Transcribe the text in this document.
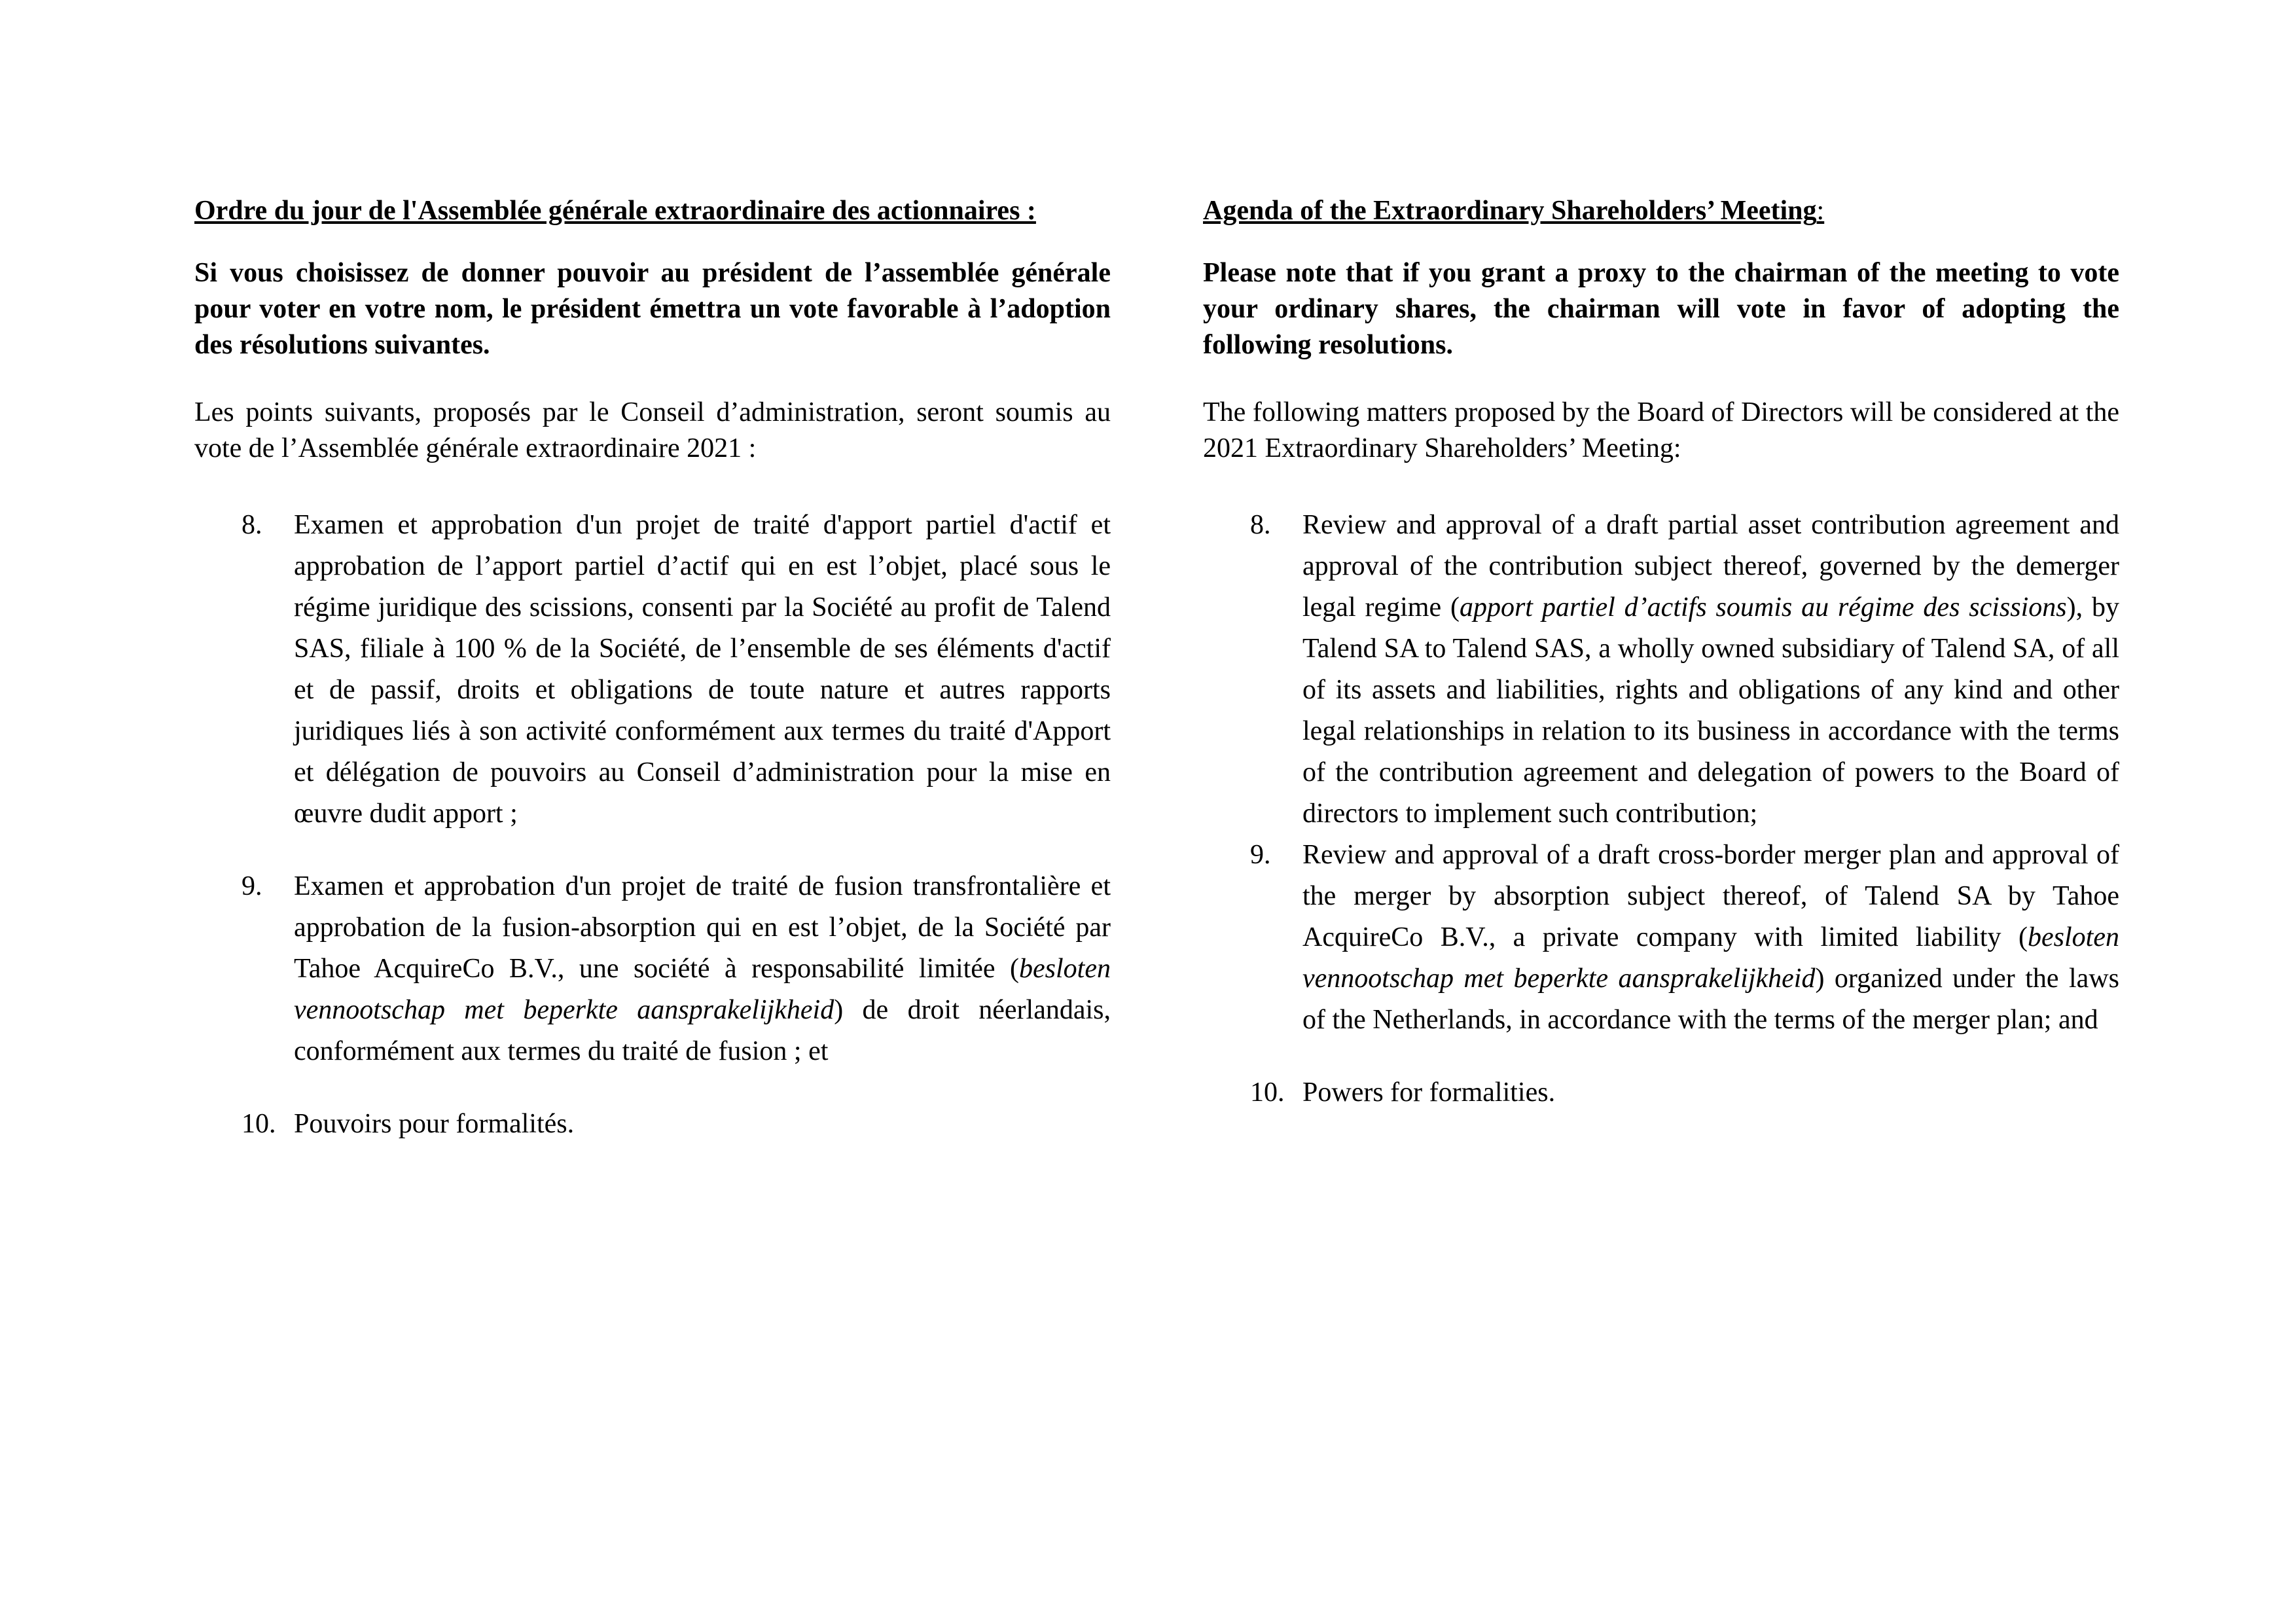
Ordre du jour de l'Assemblée générale extraordinaire des actionnaires :

Si vous choisissez de donner pouvoir au président de l’assemblée générale pour voter en votre nom, le président émettra un vote favorable à l’adoption des résolutions suivantes.

Les points suivants, proposés par le Conseil d’administration, seront soumis au vote de l’Assemblée générale extraordinaire 2021 :

8.	Examen et approbation d'un projet de traité d'apport partiel d'actif et approbation de l’apport partiel d’actif qui en est l’objet, placé sous le régime juridique des scissions, consenti par la Société au profit de Talend SAS, filiale à 100 % de la Société, de l’ensemble de ses éléments d'actif et de passif, droits et obligations de toute nature et autres rapports juridiques liés à son activité conformément aux termes du traité d'Apport et délégation de pouvoirs au Conseil d’administration pour la mise en œuvre dudit apport ;
9.	Examen et approbation d'un projet de traité de fusion transfrontalière et approbation de la fusion-absorption qui en est l’objet, de la Société par Tahoe AcquireCo B.V., une société à responsabilité limitée (besloten vennootschap met beperkte aansprakelijkheid) de droit néerlandais, conformément aux termes du traité de fusion ; et
10. Pouvoirs pour formalités.

Agenda of the Extraordinary Shareholders’ Meeting:

Please note that if you grant a proxy to the chairman of the meeting to vote your ordinary shares, the chairman will vote in favor of adopting the following resolutions.

The following matters proposed by the Board of Directors will be considered at the 2021 Extraordinary Shareholders’ Meeting:

8.	Review and approval of a draft partial asset contribution agreement and approval of the contribution subject thereof, governed by the demerger legal regime (apport partiel d’actifs soumis au régime des scissions), by Talend SA to Talend SAS, a wholly owned subsidiary of Talend SA, of all of its assets and liabilities, rights and obligations of any kind and other legal relationships in relation to its business in accordance with the terms of the contribution agreement and delegation of powers to the Board of directors to implement such contribution;
9.	Review and approval of a draft cross-border merger plan and approval of the merger by absorption subject thereof, of Talend SA by Tahoe AcquireCo B.V., a private company with limited liability (besloten vennootschap met beperkte aansprakelijkheid) organized under the laws of the Netherlands, in accordance with the terms of the merger plan; and
10. Powers for formalities.
